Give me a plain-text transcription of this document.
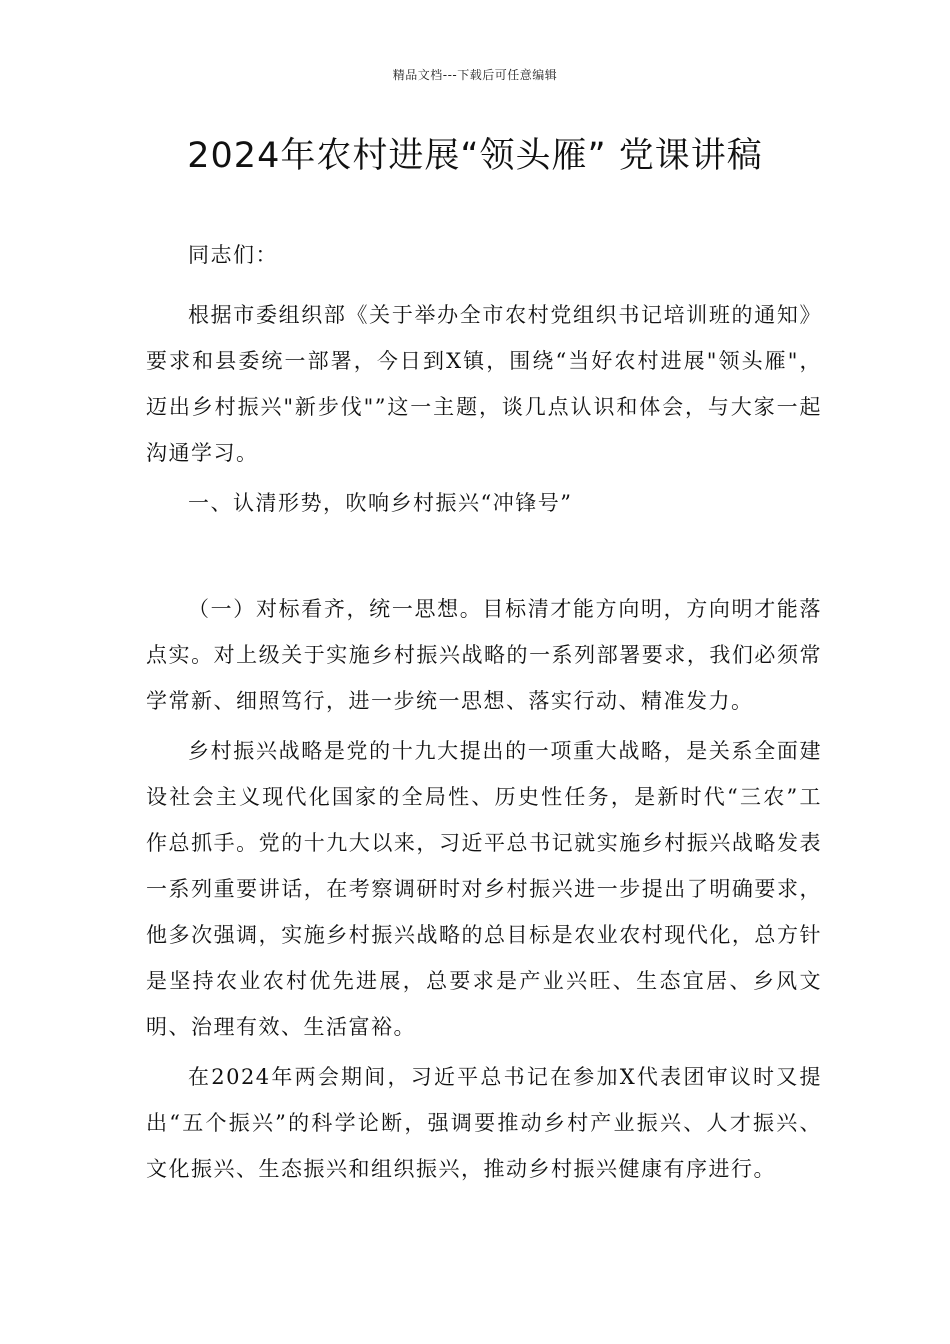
精品文档---下载后可任意编辑
2024年农村进展“领头雁” 党课讲稿

同志们：

根据市委组织部《关于举办全市农村党组织书记培训班的通知》要求和县委统一部署，今日到X镇，围绕“当好农村进展"领头雁"，迈出乡村振兴"新步伐"”这一主题，谈几点认识和体会，与大家一起沟通学习。

一、认清形势，吹响乡村振兴“冲锋号”

（一）对标看齐，统一思想。目标清才能方向明，方向明才能落点实。对上级关于实施乡村振兴战略的一系列部署要求，我们必须常学常新、细照笃行，进一步统一思想、落实行动、精准发力。

乡村振兴战略是党的十九大提出的一项重大战略，是关系全面建设社会主义现代化国家的全局性、历史性任务，是新时代“三农”工作总抓手。党的十九大以来，习近平总书记就实施乡村振兴战略发表一系列重要讲话，在考察调研时对乡村振兴进一步提出了明确要求，他多次强调，实施乡村振兴战略的总目标是农业农村现代化，总方针是坚持农业农村优先进展，总要求是产业兴旺、生态宜居、乡风文明、治理有效、生活富裕。

在2024年两会期间，习近平总书记在参加X代表团审议时又提出“五个振兴”的科学论断，强调要推动乡村产业振兴、人才振兴、文化振兴、生态振兴和组织振兴，推动乡村振兴健康有序进行。
